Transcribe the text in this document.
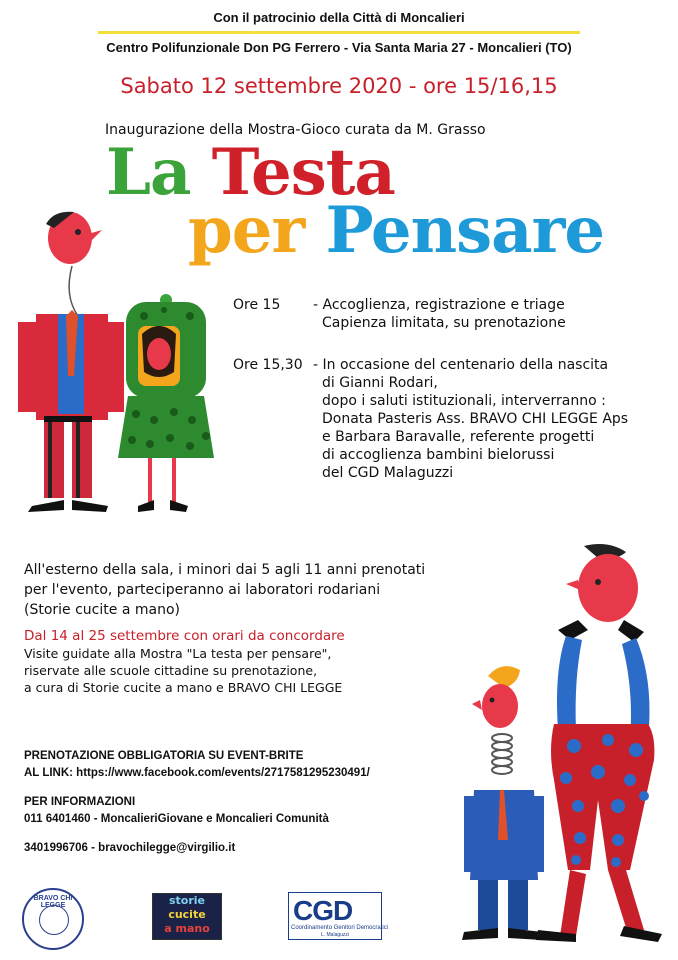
Con il patrocinio della Città di Moncalieri
Centro Polifunzionale Don PG Ferrero - Via Santa Maria 27 - Moncalieri (TO)
Sabato 12 settembre 2020 - ore 15/16,15
Inaugurazione della Mostra-Gioco curata da M. Grasso
La Testa
per Pensare
Ore 15	- Accoglienza, registrazione e triage
Capienza limitata, su prenotazione
Ore 15,30 - In occasione del centenario della nascita
di Gianni Rodari,
dopo i saluti istituzionali, interverranno :
Donata Pasteris Ass. BRAVO CHI LEGGE Aps
e Barbara Baravalle, referente progetti
di accoglienza bambini bielorussi
del CGD Malaguzzi
All'esterno della sala, i minori dai 5 agli 11 anni prenotati
per l'evento, parteciperanno ai laboratori rodariani
(Storie cucite a mano)
Dal 14 al 25 settembre con orari da concordare
Visite guidate alla Mostra "La testa per pensare",
riservate alle scuole cittadine su prenotazione,
a cura di Storie cucite a mano e BRAVO CHI LEGGE
PRENOTAZIONE OBBLIGATORIA SU EVENT-BRITE
AL LINK: https://www.facebook.com/events/2717581295230491/
PER INFORMAZIONI
011 6401460 - MoncalieriGiovane e Moncalieri Comunità
3401996706 - bravochilegge@virgilio.it
BRAVO CHI LEGGE	storie
cucite
a mano
CGD
Coordinamento Genitori Democratici
L. Malaguzzi
